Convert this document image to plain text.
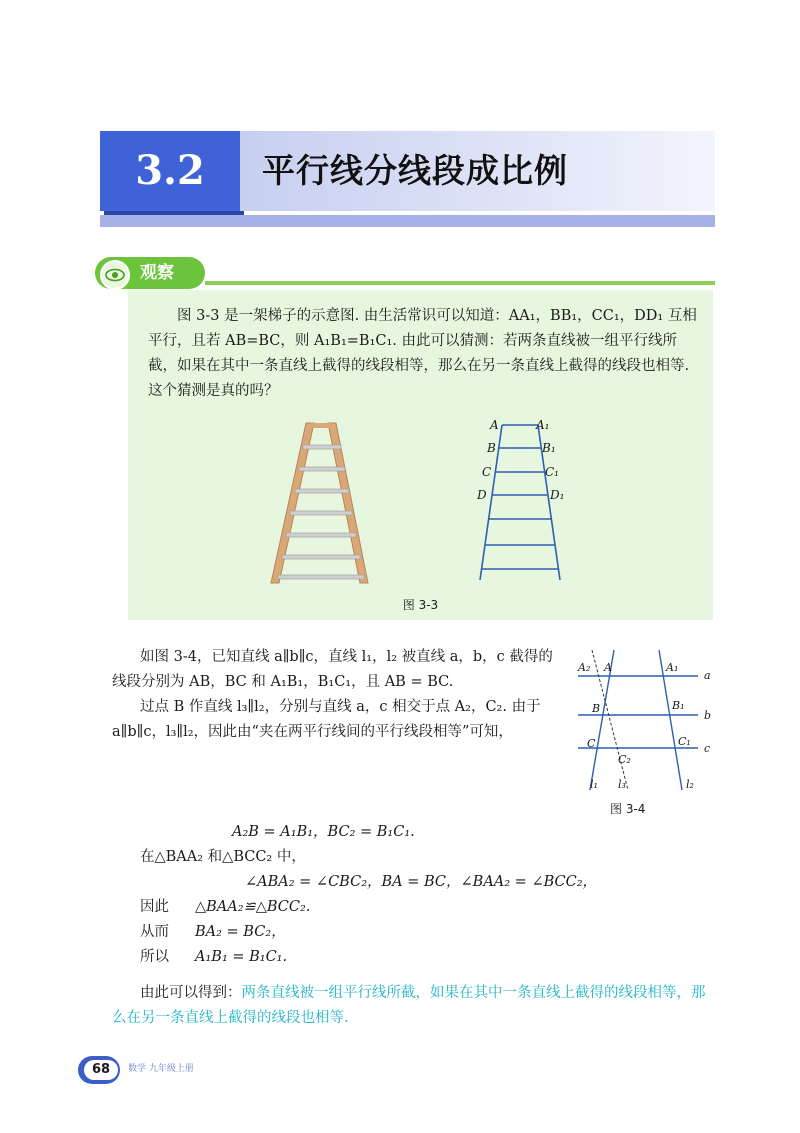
3.2	平行线分线段成比例
观察
图 3-3 是一架梯子的示意图. 由生活常识可以知道：AA₁，BB₁，CC₁，DD₁ 互相平行，且若 AB=BC，则 A₁B₁=B₁C₁. 由此可以猜测：若两条直线被一组平行线所截，如果在其中一条直线上截得的线段相等，那么在另一条直线上截得的线段也相等. 这个猜测是真的吗？
A	A₁
B	B₁
C	C₁
D	D₁
图 3-3

如图 3-4，已知直线 a∥b∥c，直线 l₁，l₂ 被直线 a，b，c 截得的线段分别为 AB，BC 和 A₁B₁，B₁C₁，且 AB = BC.

过点 B 作直线 l₃∥l₂，分别与直线 a，c 相交于点 A₂，C₂. 由于 a∥b∥c，l₃∥l₂，因此由“夹在两平行线间的平行线段相等”可知，

A₂B = A₁B₁，BC₂ = B₁C₁.
在△BAA₂ 和△BCC₂ 中，
∠ABA₂ = ∠CBC₂，BA = BC，∠BAA₂ = ∠BCC₂，
因此 △BAA₂≌△BCC₂.
从而 BA₂ = BC₂，
所以 A₁B₁ = B₁C₁.
由此可以得到：两条直线被一组平行线所截，如果在其中一条直线上截得的线段相等，那么在另一条直线上截得的线段也相等.
A₂ A	A₁
a
B	B₁
b
C
C₂
C₁
c
l₁ l₃	l₂
图 3-4
68	数学 九年级上册
